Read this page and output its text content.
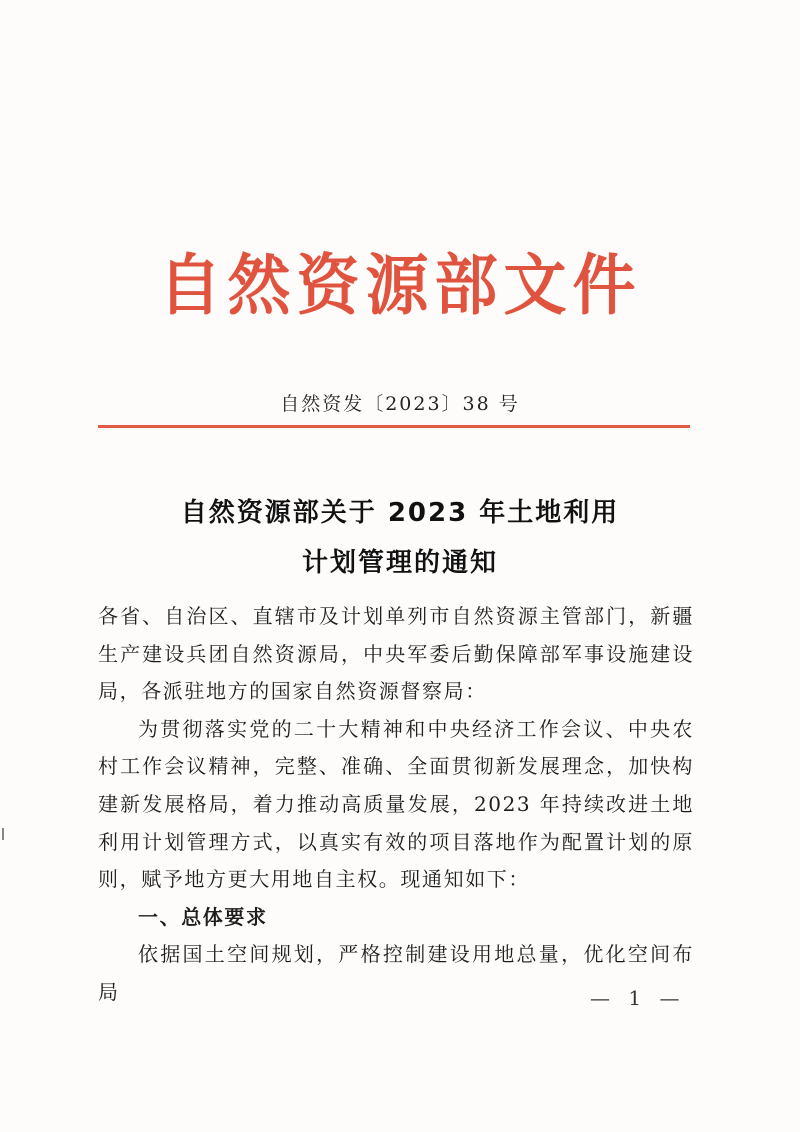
自然资源部文件
自然资发〔2023〕38 号
自然资源部关于 2023 年土地利用
计划管理的通知

各省、自治区、直辖市及计划单列市自然资源主管部门，新疆生产建设兵团自然资源局，中央军委后勤保障部军事设施建设局，各派驻地方的国家自然资源督察局：

为贯彻落实党的二十大精神和中央经济工作会议、中央农村工作会议精神，完整、准确、全面贯彻新发展理念，加快构建新发展格局，着力推动高质量发展，2023 年持续改进土地利用计划管理方式，以真实有效的项目落地作为配置计划的原则，赋予地方更大用地自主权。现通知如下：

一、总体要求

依据国土空间规划，严格控制建设用地总量，优化空间布局	— 1 —
